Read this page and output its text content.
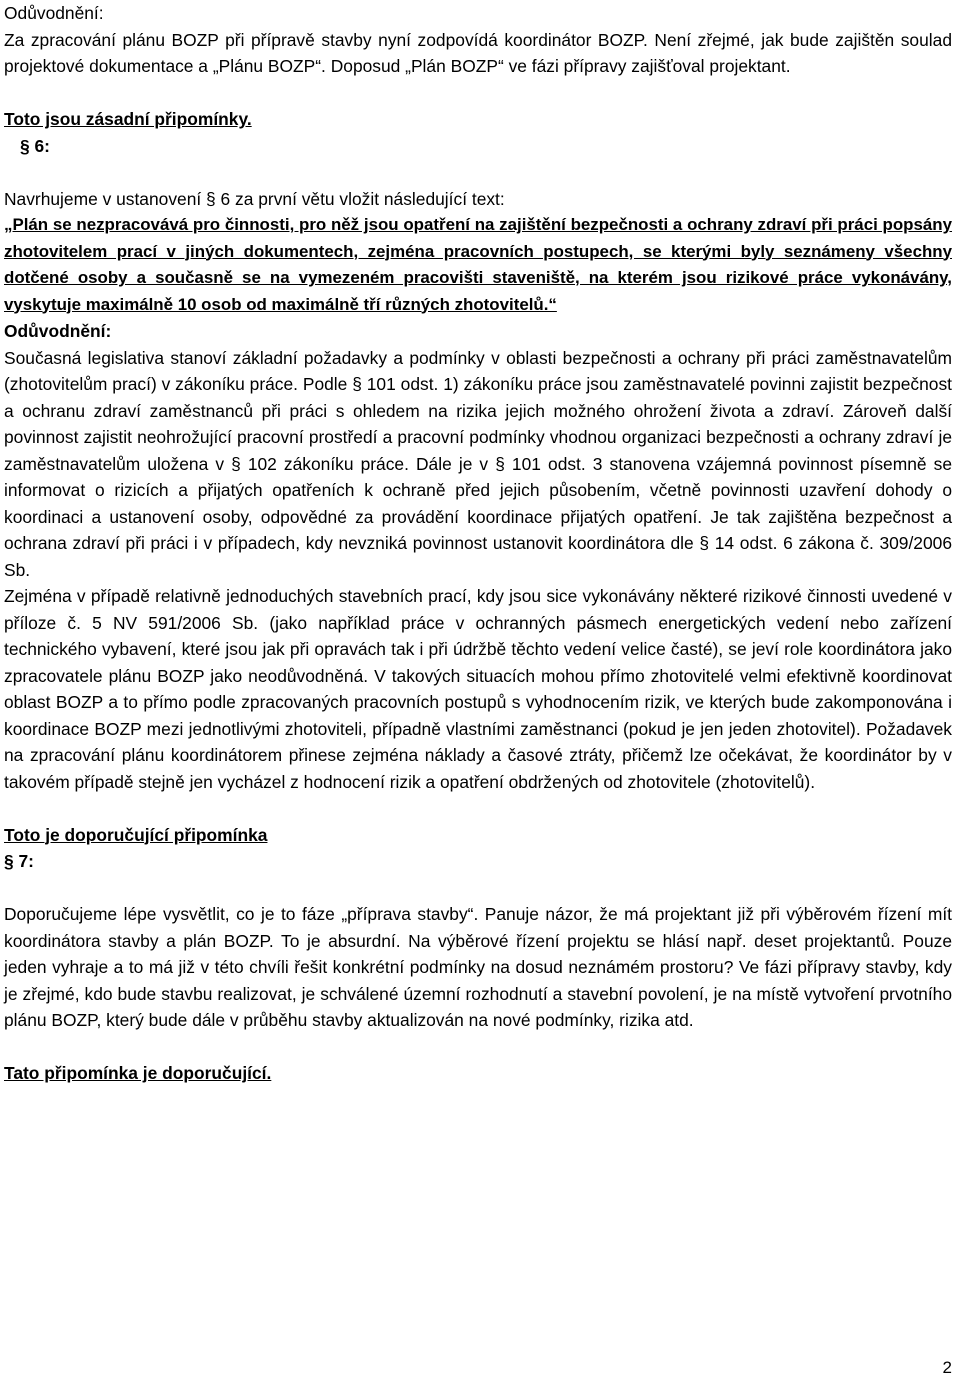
Odůvodnění:

Za zpracování plánu BOZP při přípravě stavby nyní zodpovídá koordinátor BOZP. Není zřejmé, jak bude zajištěn soulad projektové dokumentace a „Plánu BOZP“. Doposud „Plán BOZP“ ve fázi přípravy zajišťoval projektant.

Toto jsou zásadní připomínky.

§ 6:

Navrhujeme v ustanovení § 6 za první větu vložit následující text:

„Plán se nezpracovává pro činnosti, pro něž jsou opatření na zajištění bezpečnosti a ochrany zdraví při práci popsány zhotovitelem prací v jiných dokumentech, zejména pracovních postupech, se kterými byly seznámeny všechny dotčené osoby a současně se na vymezeném pracovišti staveniště, na kterém jsou rizikové práce vykonávány, vyskytuje maximálně 10 osob od maximálně tří různých zhotovitelů.“

Odůvodnění:

Současná legislativa stanoví základní požadavky a podmínky v oblasti bezpečnosti a ochrany při práci zaměstnavatelům (zhotovitelům prací) v zákoníku práce. Podle § 101 odst. 1) zákoníku práce jsou zaměstnavatelé povinni zajistit bezpečnost a ochranu zdraví zaměstnanců při práci s ohledem na rizika jejich možného ohrožení života a zdraví. Zároveň další povinnost zajistit neohrožující pracovní prostředí a pracovní podmínky vhodnou organizaci bezpečnosti a ochrany zdraví je zaměstnavatelům uložena v § 102 zákoníku práce. Dále je v § 101 odst. 3 stanovena vzájemná povinnost písemně se informovat o rizicích a přijatých opatřeních k ochraně před jejich působením, včetně povinnosti uzavření dohody o koordinaci a ustanovení osoby, odpovědné za provádění koordinace přijatých opatření. Je tak zajištěna bezpečnost a ochrana zdraví při práci i v případech, kdy nevzniká povinnost ustanovit koordinátora dle § 14 odst. 6 zákona č. 309/2006 Sb.

Zejména v případě relativně jednoduchých stavebních prací, kdy jsou sice vykonávány některé rizikové činnosti uvedené v příloze č. 5 NV 591/2006 Sb. (jako například práce v ochranných pásmech energetických vedení nebo zařízení technického vybavení, které jsou jak při opravách tak i při údržbě těchto vedení velice časté), se jeví role koordinátora jako zpracovatele plánu BOZP jako neodůvodněná. V takových situacích mohou přímo zhotovitelé velmi efektivně koordinovat oblast BOZP a to přímo podle zpracovaných pracovních postupů s vyhodnocením rizik, ve kterých bude zakomponována i koordinace BOZP mezi jednotlivými zhotoviteli, případně vlastními zaměstnanci (pokud je jen jeden zhotovitel). Požadavek na zpracování plánu koordinátorem přinese zejména náklady a časové ztráty, přičemž lze očekávat, že koordinátor by v takovém případě stejně jen vycházel z hodnocení rizik a opatření obdržených od zhotovitele (zhotovitelů).

Toto je doporučující připomínka

§ 7:

Doporučujeme lépe vysvětlit, co je to fáze „příprava stavby“. Panuje názor, že má projektant již při výběrovém řízení mít koordinátora stavby a plán BOZP. To je absurdní. Na výběrové řízení projektu se hlásí např. deset projektantů. Pouze jeden vyhraje a to má již v této chvíli řešit konkrétní podmínky na dosud neznámém prostoru? Ve fázi přípravy stavby, kdy je zřejmé, kdo bude stavbu realizovat, je schválené územní rozhodnutí a stavební povolení, je na místě vytvoření prvotního plánu BOZP, který bude dále v průběhu stavby aktualizován na nové podmínky, rizika atd.

Tato připomínka je doporučující.

2
